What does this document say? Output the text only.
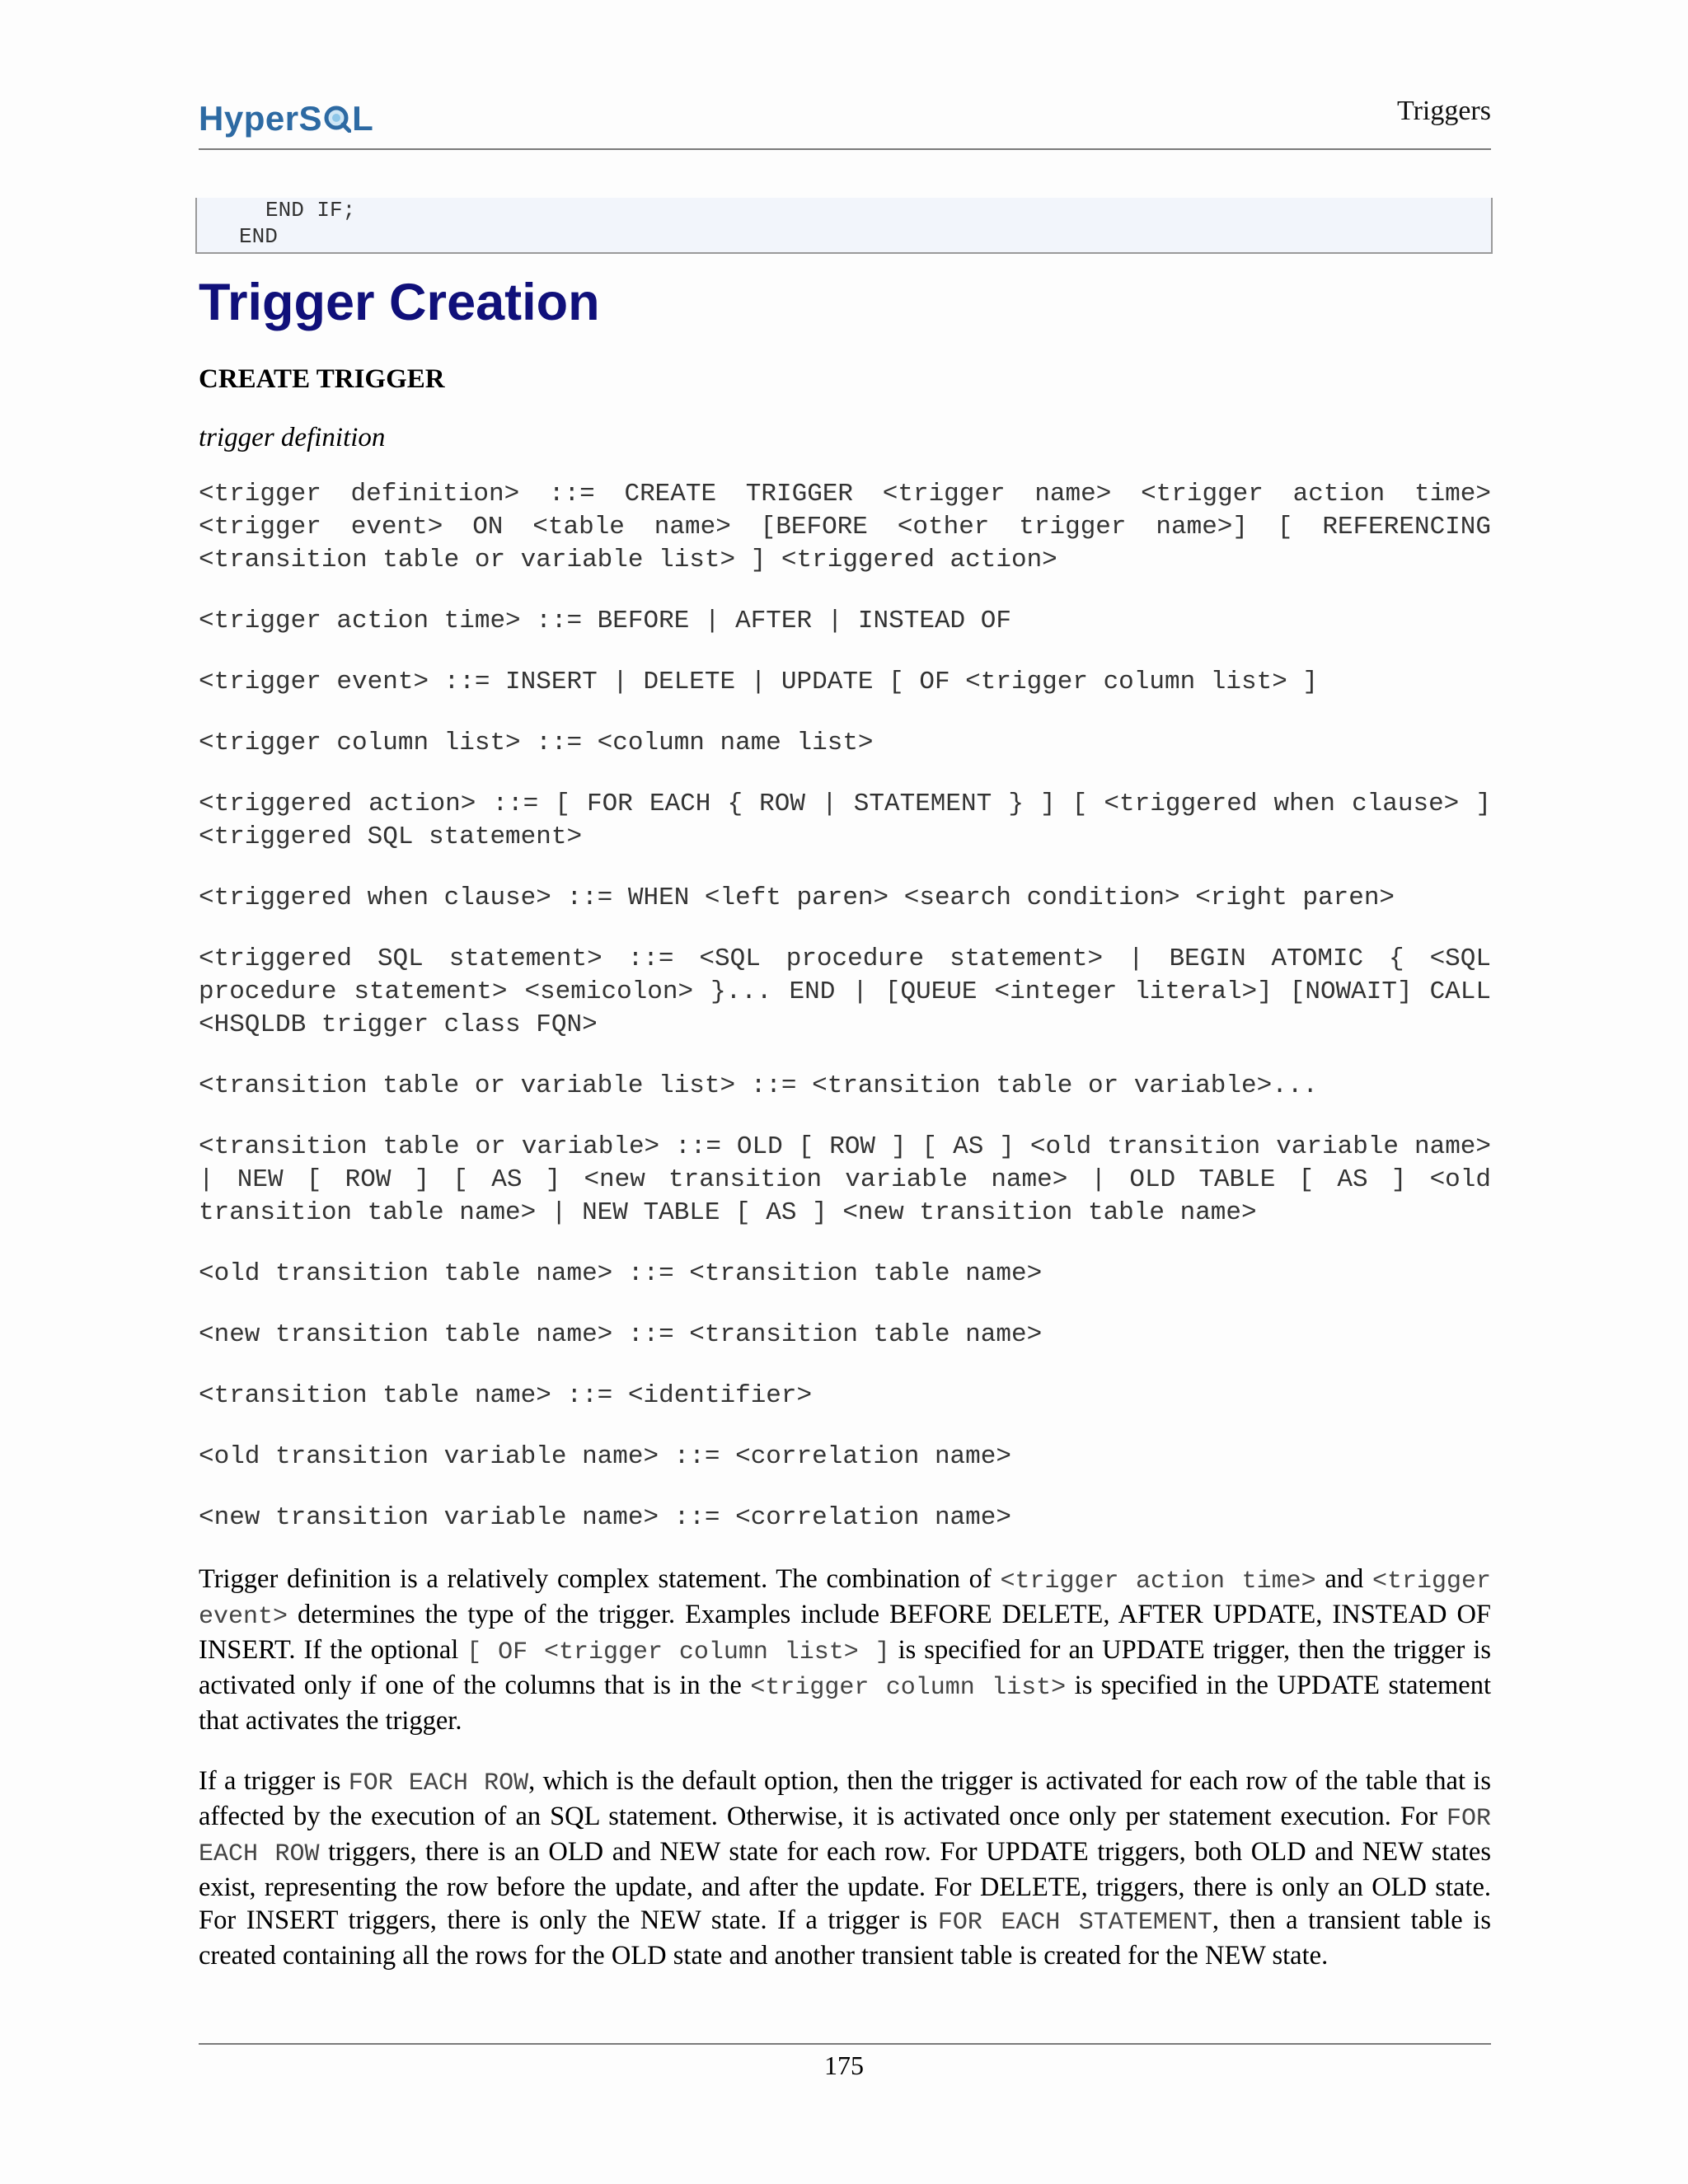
HyperS L	Triggers
END IF;
END
Trigger Creation
CREATE TRIGGER
trigger definition

<trigger definition> ::= CREATE TRIGGER <trigger name> <trigger action time> <trigger event> ON <table name> [BEFORE <other trigger name>] [ REFERENCING <transition table or variable list> ] <triggered action>

<trigger action time> ::= BEFORE | AFTER | INSTEAD OF

<trigger event> ::= INSERT | DELETE | UPDATE [ OF <trigger column list> ]

<trigger column list> ::= <column name list>

<triggered action> ::= [ FOR EACH { ROW | STATEMENT } ] [ <triggered when clause> ] <triggered SQL statement>

<triggered when clause> ::= WHEN <left paren> <search condition> <right paren>

<triggered SQL statement> ::= <SQL procedure statement> | BEGIN ATOMIC { <SQL procedure statement> <semicolon> }... END | [QUEUE <integer literal>] [NOWAIT] CALL <HSQLDB trigger class FQN>

<transition table or variable list> ::= <transition table or variable>...

<transition table or variable> ::= OLD [ ROW ] [ AS ] <old transition variable name> | NEW [ ROW ] [ AS ] <new transition variable name> | OLD TABLE [ AS ] <old transition table name> | NEW TABLE [ AS ] <new transition table name>

<old transition table name> ::= <transition table name>

<new transition table name> ::= <transition table name>

<transition table name> ::= <identifier>

<old transition variable name> ::= <correlation name>

<new transition variable name> ::= <correlation name>

Trigger definition is a relatively complex statement. The combination of <trigger action time> and <trigger event> determines the type of the trigger. Examples include BEFORE DELETE, AFTER UPDATE, INSTEAD OF INSERT. If the optional [ OF <trigger column list> ] is specified for an UPDATE trigger, then the trigger is activated only if one of the columns that is in the <trigger column list> is specified in the UPDATE statement that activates the trigger.

If a trigger is FOR EACH ROW, which is the default option, then the trigger is activated for each row of the table that is affected by the execution of an SQL statement. Otherwise, it is activated once only per statement execution. For FOR EACH ROW triggers, there is an OLD and NEW state for each row. For UPDATE triggers, both OLD and NEW states exist, representing the row before the update, and after the update. For DELETE, triggers, there is only an OLD state. For INSERT triggers, there is only the NEW state. If a trigger is FOR EACH STATEMENT, then a transient table is created containing all the rows for the OLD state and another transient table is created for the NEW state.

175
